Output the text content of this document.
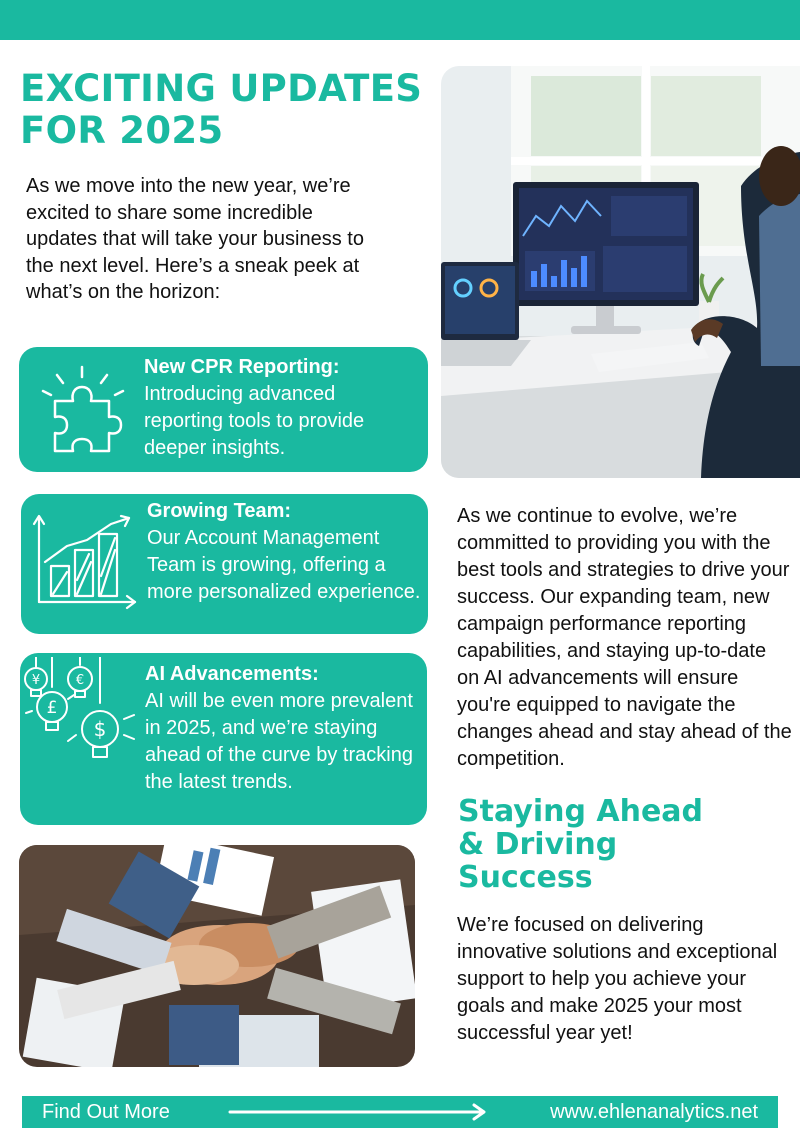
EXCITING UPDATES
FOR 2025

As we move into the new year, we’re excited to share some incredible updates that will take your business to the next level. Here’s a sneak peek at what’s on the horizon:

New CPR Reporting:
Introducing advanced reporting tools to provide deeper insights.
Growing Team:
Our Account Management Team is growing, offering a more personalized experience.
¥	€
£
$
AI Advancements:
AI will be even more prevalent in 2025, and we’re staying ahead of the curve by tracking the latest trends.

As we continue to evolve, we’re committed to providing you with the best tools and strategies to drive your success. Our expanding team, new campaign performance reporting capabilities, and staying up-to-date on AI advancements will ensure you're equipped to navigate the changes ahead and stay ahead of the competition.

Staying Ahead
& Driving
Success

We’re focused on delivering innovative solutions and exceptional support to help you achieve your goals and make 2025 your most successful year yet!

Find Out More	www.ehlenanalytics.net
